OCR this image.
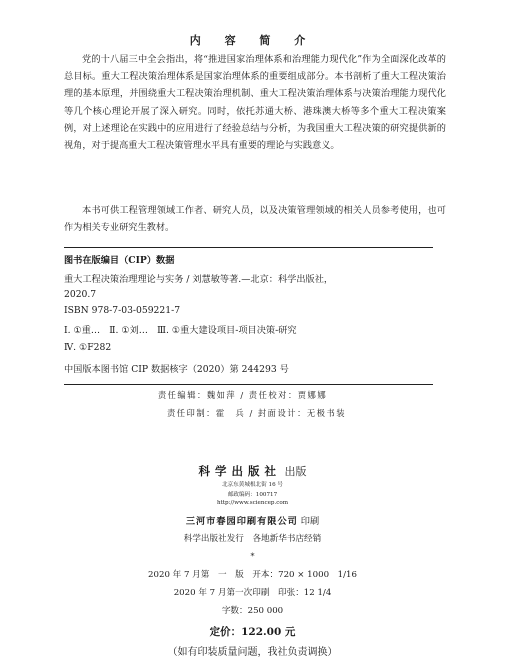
内 容 简 介

党的十八届三中全会指出，将“推进国家治理体系和治理能力现代化”作为全面深化改革的总目标。重大工程决策治理体系是国家治理体系的重要组成部分。本书剖析了重大工程决策治理的基本原理，并围绕重大工程决策治理机制、重大工程决策治理体系与决策治理能力现代化等几个核心理论开展了深入研究。同时，依托苏通大桥、港珠澳大桥等多个重大工程决策案例，对上述理论在实践中的应用进行了经验总结与分析，为我国重大工程决策的研究提供新的视角，对于提高重大工程决策管理水平具有重要的理论与实践意义。

本书可供工程管理领域工作者、研究人员，以及决策管理领域的相关人员参考使用，也可作为相关专业研究生教材。

图书在版编目（CIP）数据
重大工程决策治理理论与实务 / 刘慧敏等著.—北京：科学出版社，
2020.7
ISBN 978-7-03-059221-7
Ⅰ. ①重…　Ⅱ. ①刘…　Ⅲ. ①重大建设项目-项目决策-研究
Ⅳ. ①F282
中国版本图书馆 CIP 数据核字（2020）第 244293 号
责任编辑：魏如萍 / 责任校对：贾娜娜
责任印制：霍　兵 / 封面设计：无极书装
科学出版社 出版
北京东黄城根北街 16 号
邮政编码：100717
http://www.sciencep.com
三河市春园印刷有限公司 印刷
科学出版社发行　各地新华书店经销
*
2020 年 7 月第　一　版　开本：720 × 1000　1/16
2020 年 7 月第一次印刷　印张：12 1/4
字数：250 000
定价：122.00 元
（如有印装质量问题，我社负责调换）
